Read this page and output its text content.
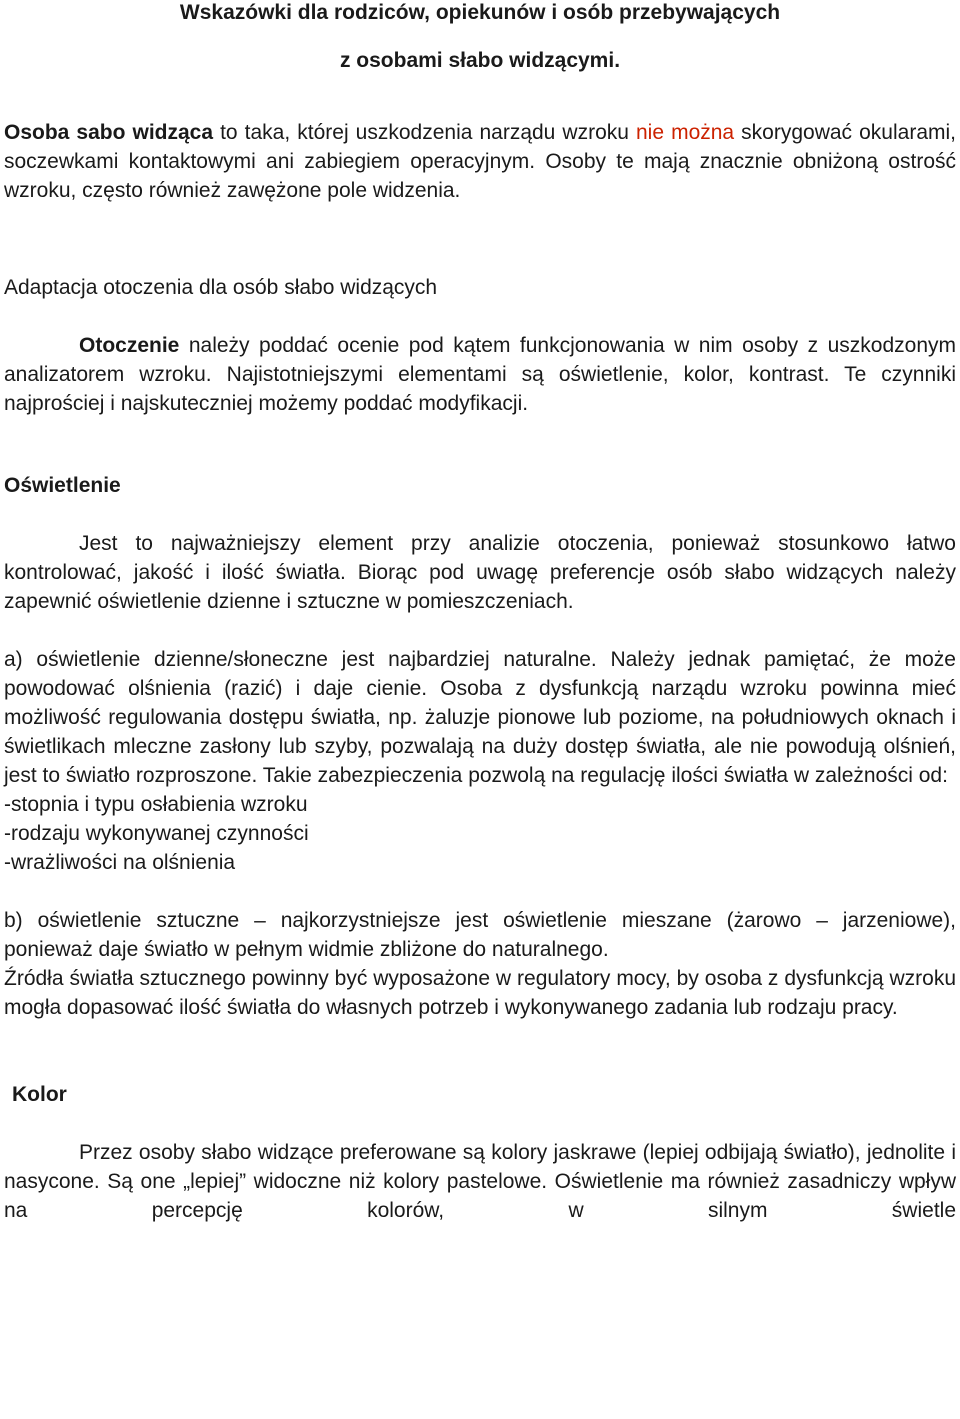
Wskazówki dla rodziców, opiekunów i osób przebywających
z osobami słabo widzącymi.

Osoba sabo widząca to taka, której uszkodzenia narządu wzroku nie można skorygować okularami, soczewkami kontaktowymi ani zabiegiem operacyjnym. Osoby te mają znacznie obniżoną ostrość wzroku, często również zawężone pole widzenia.

Adaptacja otoczenia dla osób słabo widzących

Otoczenie należy poddać ocenie pod kątem funkcjonowania w nim osoby z uszkodzonym analizatorem wzroku. Najistotniejszymi elementami są oświetlenie, kolor, kontrast. Te czynniki najprościej i najskuteczniej możemy poddać modyfikacji.

Oświetlenie

Jest to najważniejszy element przy analizie otoczenia, ponieważ stosunkowo łatwo kontrolować, jakość i ilość światła. Biorąc pod uwagę preferencje osób słabo widzących należy zapewnić oświetlenie dzienne i sztuczne w pomieszczeniach.

a) oświetlenie dzienne/słoneczne jest najbardziej naturalne. Należy jednak pamiętać, że może powodować olśnienia (razić) i daje cienie. Osoba z dysfunkcją narządu wzroku powinna mieć możliwość regulowania dostępu światła, np. żaluzje pionowe lub poziome, na południowych oknach i świetlikach mleczne zasłony lub szyby, pozwalają na duży dostęp światła, ale nie powodują olśnień, jest to światło rozproszone. Takie zabezpieczenia pozwolą na regulację ilości światła w zależności od:

-stopnia i typu osłabienia wzroku

-rodzaju wykonywanej czynności

-wrażliwości na olśnienia

b) oświetlenie sztuczne – najkorzystniejsze jest oświetlenie mieszane (żarowo – jarzeniowe), ponieważ daje światło w pełnym widmie zbliżone do naturalnego.

Źródła światła sztucznego powinny być wyposażone w regulatory mocy, by osoba z dysfunkcją wzroku mogła dopasować ilość światła do własnych potrzeb i wykonywanego zadania lub rodzaju pracy.

Kolor

Przez osoby słabo widzące preferowane są kolory jaskrawe (lepiej odbijają światło), jednolite i nasycone. Są one „lepiej” widoczne niż kolory pastelowe. Oświetlenie ma również zasadniczy wpływ na percepcję kolorów, w silnym świetle
